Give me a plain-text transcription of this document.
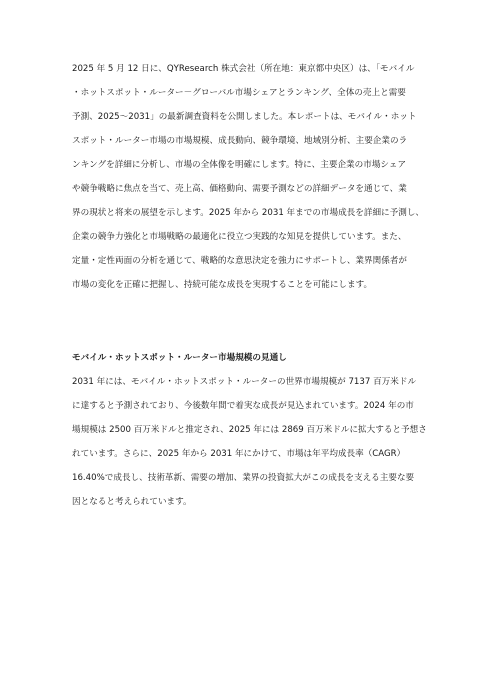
2025 年 5 月 12 日に、QYResearch 株式会社（所在地：東京都中央区）は、「モバイル
・ホットスポット・ルーター－グローバル市場シェアとランキング、全体の売上と需要
予測、2025～2031」の最新調査資料を公開しました。本レポートは、モバイル・ホット
スポット・ルーター市場の市場規模、成長動向、競争環境、地域別分析、主要企業のラ
ンキングを詳細に分析し、市場の全体像を明確にします。特に、主要企業の市場シェア
や競争戦略に焦点を当て、売上高、価格動向、需要予測などの詳細データを通じて、業
界の現状と将来の展望を示します。2025 年から 2031 年までの市場成長を詳細に予測し、
企業の競争力強化と市場戦略の最適化に役立つ実践的な知見を提供しています。また、
定量・定性両面の分析を通じて、戦略的な意思決定を強力にサポートし、業界関係者が
市場の変化を正確に把握し、持続可能な成長を実現することを可能にします。
モバイル・ホットスポット・ルーター市場規模の見通し
2031 年には、モバイル・ホットスポット・ルーターの世界市場規模が 7137 百万米ドル
に達すると予測されており、今後数年間で着実な成長が見込まれています。2024 年の市
場規模は 2500 百万米ドルと推定され、2025 年には 2869 百万米ドルに拡大すると予想さ
れています。さらに、2025 年から 2031 年にかけて、市場は年平均成長率（CAGR）
16.40%で成長し、技術革新、需要の増加、業界の投資拡大がこの成長を支える主要な要
因となると考えられています。
